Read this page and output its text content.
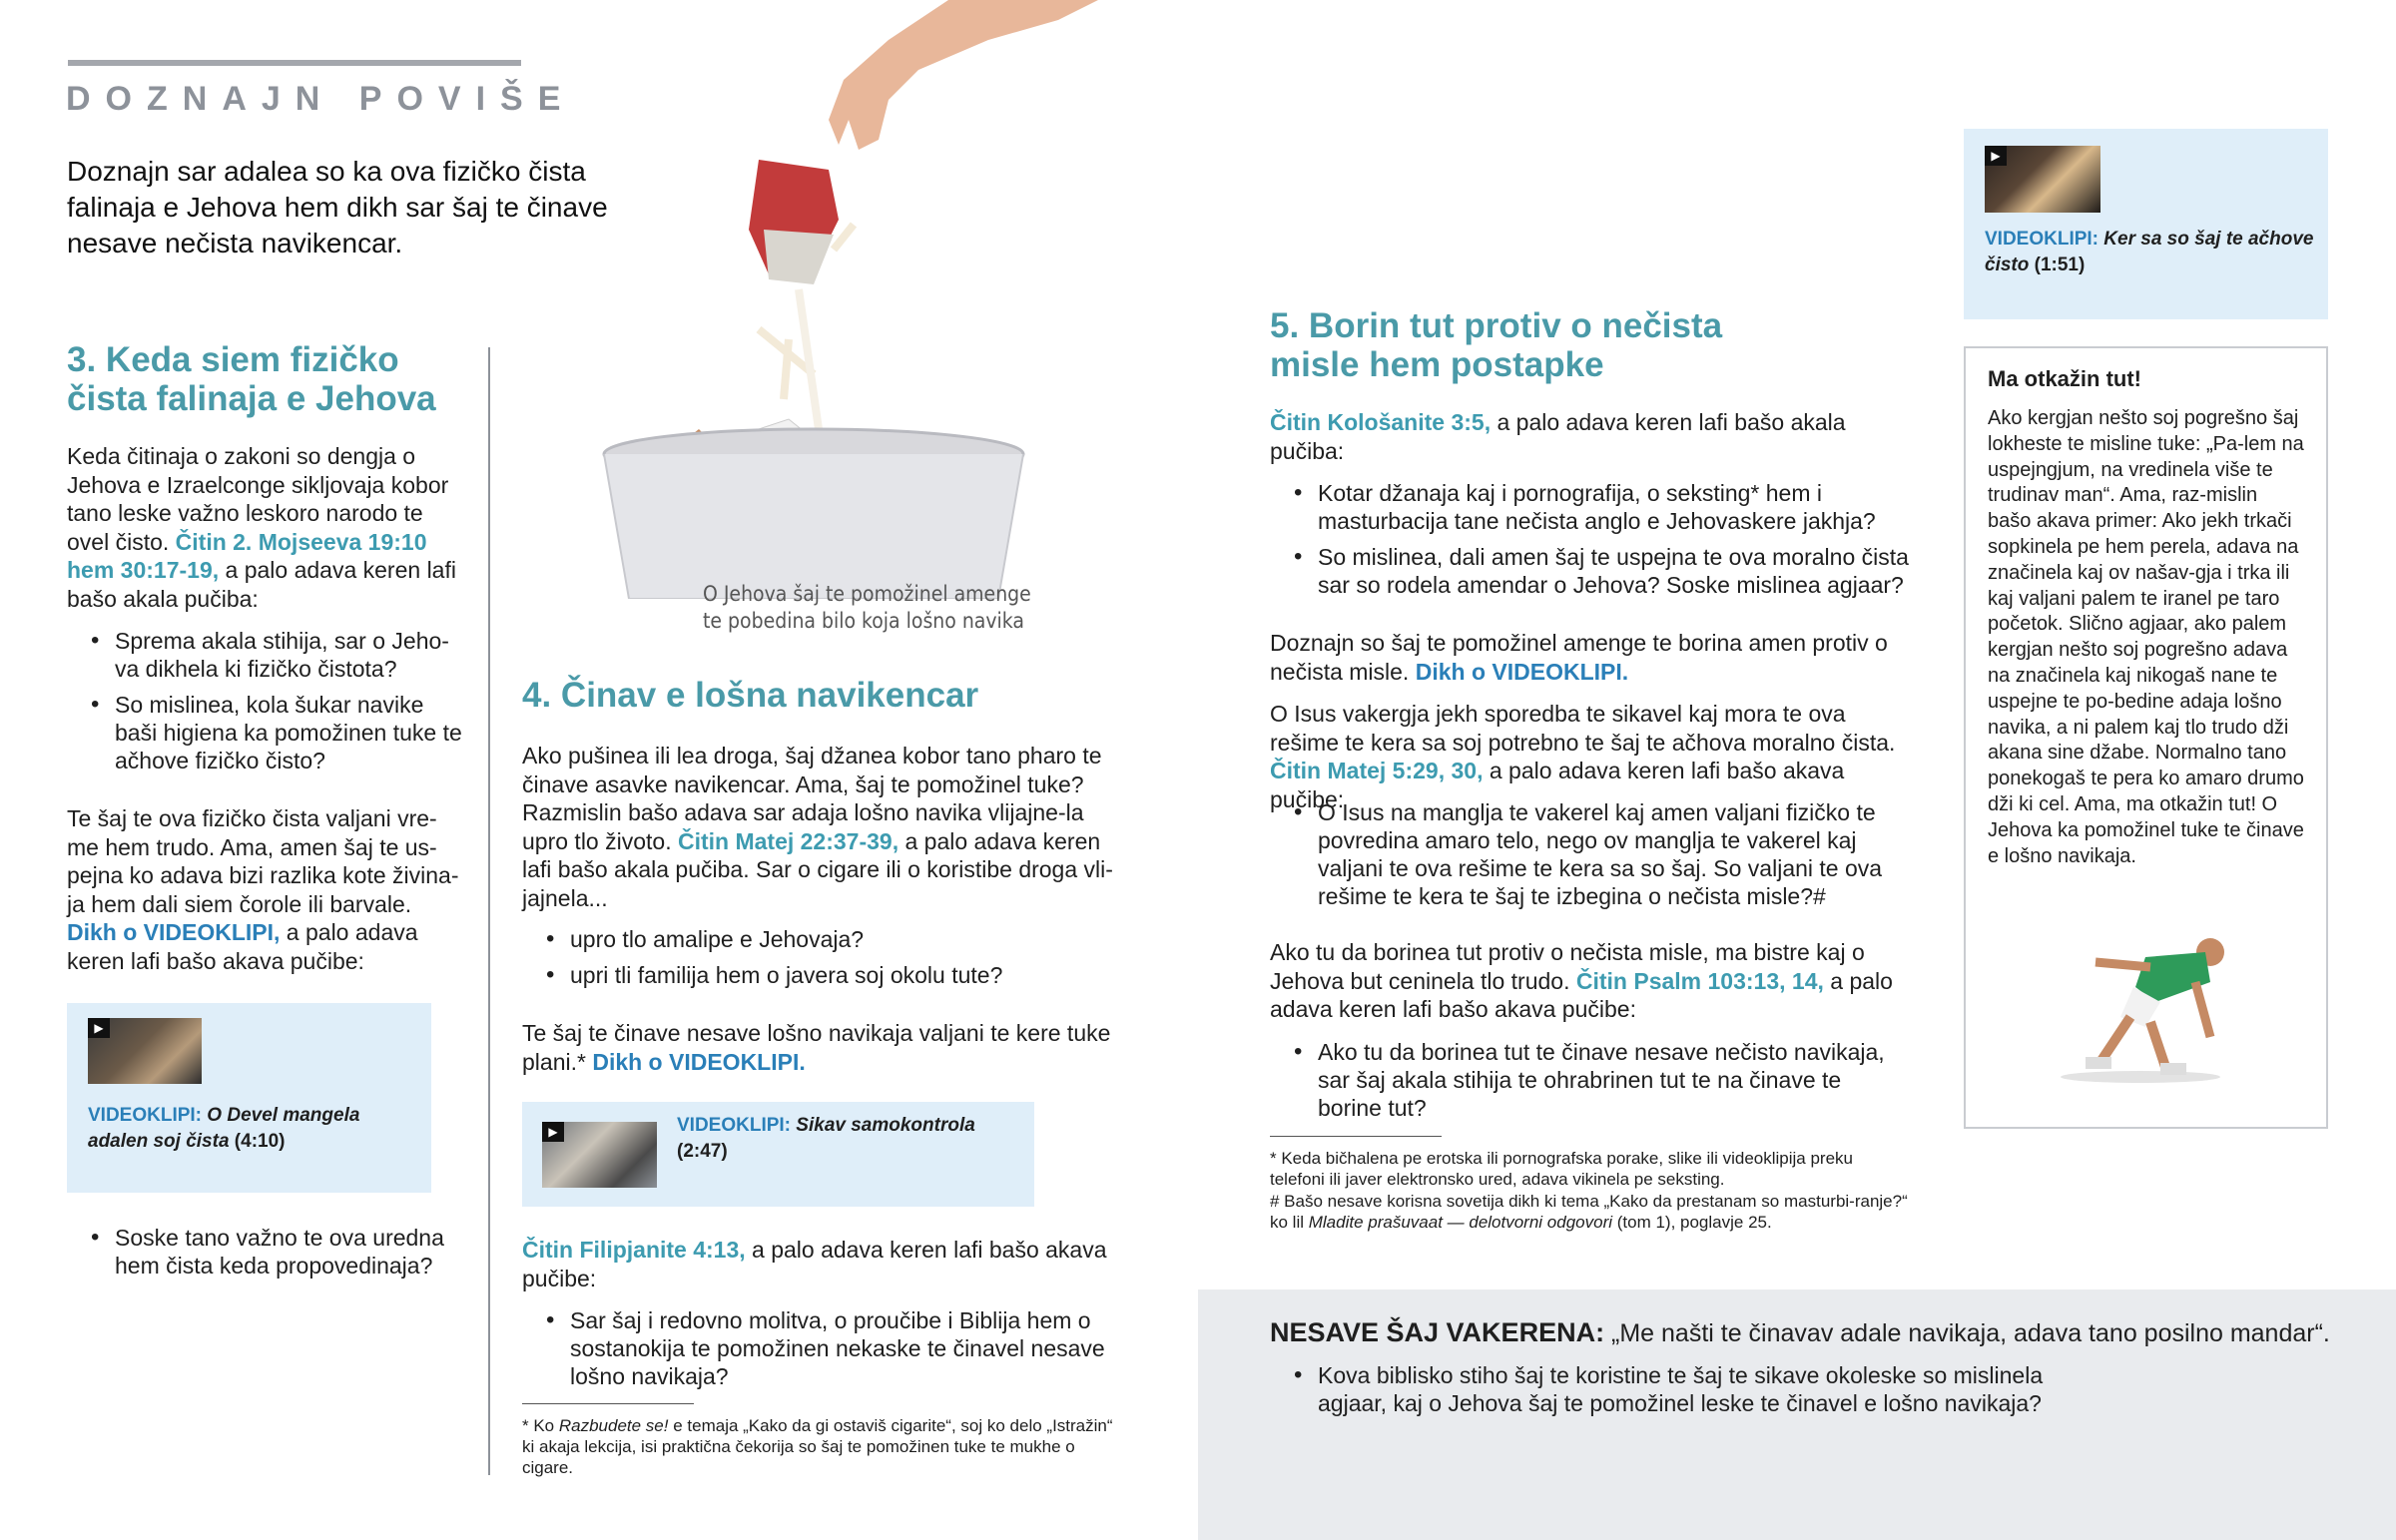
DOZNAJN POVIŠE

Doznajn sar adalea so ka ova fizičko čista falinaja e Jehova hem dikh sar šaj te činave nesave nečista navikencar.

3. Keda siem fizičko čista falinaja e Jehova

Keda čitinaja o zakoni so dengja o Jehova e Izraelconge sikljovaja kobor tano leske važno leskoro narodo te ovel čisto. Čitin 2. Mojseeva 19:10 hem 30:17-19, a palo adava keren lafi bašo akala pučiba:

• Sprema akala stihija, sar o Jeho-va dikhela ki fizičko čistota?
• So mislinea, kola šukar navike baši higiena ka pomožinen tuke te ačhove fizičko čisto?

Te šaj te ova fizičko čista valjani vre-me hem trudo. Ama, amen šaj te us-pejna ko adava bizi razlika kote živina-ja hem dali siem čorole ili barvale. Dikh o VIDEOKLIPI, a palo adava keren lafi bašo akava pučibe:

▶
VIDEOKLIPI: O Devel mangela adalen soj čista (4:10)
• Soske tano važno te ova uredna hem čista keda propovedinaja?
O Jehova šaj te pomožinel amenge te pobedina bilo koja lošno navika
4. Činav e lošna navikencar

Ako pušinea ili lea droga, šaj džanea kobor tano pharo te činave asavke navikencar. Ama, šaj te pomožinel tuke? Razmislin bašo adava sar adaja lošno navika vlijajne-la upro tlo životo. Čitin Matej 22:37-39, a palo adava keren lafi bašo akala pučiba. Sar o cigare ili o koristibe droga vli-jajnela...

• upro tlo amalipe e Jehovaja?
• upri tli familija hem o javera soj okolu tute?

Te šaj te činave nesave lošno navikaja valjani te kere tuke plani.* Dikh o VIDEOKLIPI.

▶	VIDEOKLIPI: Sikav samokontrola
(2:47)

Čitin Filipjanite 4:13, a palo adava keren lafi bašo akava pučibe:

• Sar šaj i redovno molitva, o proučibe i Biblija hem o sostanokija te pomožinen nekaske te činavel nesave lošno navikaja?

* Ko Razbudete se! e temaja „Kako da gi ostaviš cigarite“, soj ko delo „Istražin“ ki akaja lekcija, isi praktična čekorija so šaj te pomožinen tuke te mukhe o cigare.

5. Borin tut protiv o nečista misle hem postapke

Čitin Kološanite 3:5, a palo adava keren lafi bašo akala pučiba:

• Kotar džanaja kaj i pornografija, o seksting* hem i masturbacija tane nečista anglo e Jehovaskere jakhja?
• So mislinea, dali amen šaj te uspejna te ova moralno čista sar so rodela amendar o Jehova? Soske mislinea agjaar?

Doznajn so šaj te pomožinel amenge te borina amen protiv o nečista misle. Dikh o VIDEOKLIPI.

O Isus vakergja jekh sporedba te sikavel kaj mora te ova rešime te kera sa soj potrebno te šaj te ačhova moralno čista. Čitin Matej 5:29, 30, a palo adava keren lafi bašo akava pučibe:

• O Isus na manglja te vakerel kaj amen valjani fizičko te povredina amaro telo, nego ov manglja te vakerel kaj valjani te ova rešime te kera sa so šaj. So valjani te ova rešime te kera te šaj te izbegina o nečista misle?#

Ako tu da borinea tut protiv o nečista misle, ma bistre kaj o Jehova but ceninela tlo trudo. Čitin Psalm 103:13, 14, a palo adava keren lafi bašo akava pučibe:

• Ako tu da borinea tut te činave nesave nečisto navikaja, sar šaj akala stihija te ohrabrinen tut te na činave te borine tut?

* Keda bičhalena pe erotska ili pornografska porake, slike ili videoklipija preku telefoni ili javer elektronsko ured, adava vikinela pe seksting.

# Bašo nesave korisna sovetija dikh ki tema „Kako da prestanam so masturbi-ranje?“ ko lil Mladite prašuvaat — delotvorni odgovori (tom 1), poglavje 25.

▶
VIDEOKLIPI: Ker sa so šaj te ačhove čisto (1:51)
Ma otkažin tut!

Ako kergjan nešto soj pogrešno šaj lokheste te misline tuke: „Pa-lem na uspejngjum, na vredinela više te trudinav man“. Ama, raz-mislin bašo akava primer: Ako jekh trkači sopkinela pe hem perela, adava na značinela kaj ov našav-gja i trka ili kaj valjani palem te iranel pe taro početok. Slično agjaar, ako palem kergjan nešto soj pogrešno adava na značinela kaj nikogaš nane te uspejne te po-bedine adaja lošno navika, a ni palem kaj tlo trudo dži akana sine džabe. Normalno tano ponekogaš te pera ko amaro drumo dži ki cel. Ama, ma otkažin tut! O Jehova ka pomožinel tuke te činave e lošno navikaja.

NESAVE ŠAJ VAKERENA: „Me našti te činavav adale navikaja, adava tano posilno mandar“.

• Kova biblisko stiho šaj te koristine te šaj te sikave okoleske so mislinela agjaar, kaj o Jehova šaj te pomožinel leske te činavel e lošno navikaja?
